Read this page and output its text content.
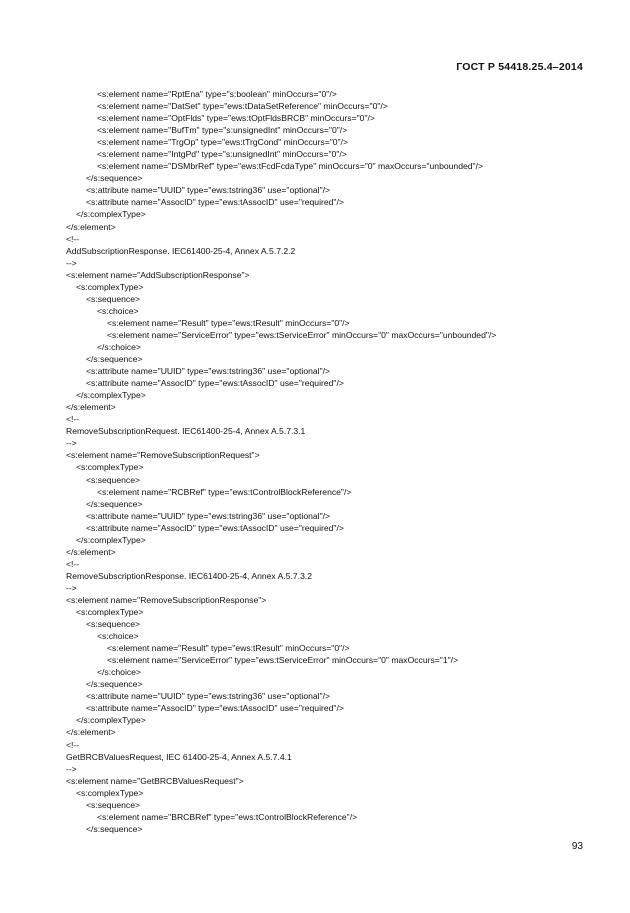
ГОСТ Р 54418.25.4–2014
<s:element name="RptEna" type="s:boolean" minOccurs="0"/>
<s:element name="DatSet" type="ews:tDataSetReference" minOccurs="0"/>
<s:element name="OptFlds" type="ews:tOptFldsBRCB" minOccurs="0"/>
<s:element name="BufTm" type="s:unsignedInt" minOccurs="0"/>
<s:element name="TrgOp" type="ews:tTrgCond" minOccurs="0"/>
<s:element name="IntgPd" type="s:unsignedInt" minOccurs="0"/>
<s:element name="DSMbrRef" type="ews:tFcdFcdaType" minOccurs="0" maxOccurs="unbounded"/>
</s:sequence>
<s:attribute name="UUID" type="ews:tstring36" use="optional"/>
<s:attribute name="AssocID" type="ews:tAssocID" use="required"/>
</s:complexType>
</s:element>
<!--
AddSubscriptionResponse. IEC61400-25-4, Annex A.5.7.2.2
-->
<s:element name="AddSubscriptionResponse">
<s:complexType>
<s:sequence>
<s:choice>
<s:element name="Result" type="ews:tResult" minOccurs="0"/>
<s:element name="ServiceError" type="ews:tServiceError" minOccurs="0" maxOccurs="unbounded"/>
</s:choice>
</s:sequence>
<s:attribute name="UUID" type="ews:tstring36" use="optional"/>
<s:attribute name="AssocID" type="ews:tAssocID" use="required"/>
</s:complexType>
</s:element>
<!--
RemoveSubscriptionRequest. IEC61400-25-4, Annex A.5.7.3.1
-->
<s:element name="RemoveSubscriptionRequest">
<s:complexType>
<s:sequence>
<s:element name="RCBRef" type="ews:tControlBlockReference"/>
</s:sequence>
<s:attribute name="UUID" type="ews:tstring36" use="optional"/>
<s:attribute name="AssocID" type="ews:tAssocID" use="required"/>
</s:complexType>
</s:element>
<!--
RemoveSubscriptionResponse. IEC61400-25-4, Annex A.5.7.3.2
-->
<s:element name="RemoveSubscriptionResponse">
<s:complexType>
<s:sequence>
<s:choice>
<s:element name="Result" type="ews:tResult" minOccurs="0"/>
<s:element name="ServiceError" type="ews:tServiceError" minOccurs="0" maxOccurs="1"/>
</s:choice>
</s:sequence>
<s:attribute name="UUID" type="ews:tstring36" use="optional"/>
<s:attribute name="AssocID" type="ews:tAssocID" use="required"/>
</s:complexType>
</s:element>
<!--
GetBRCBValuesRequest, IEC 61400-25-4, Annex A.5.7.4.1
-->
<s:element name="GetBRCBValuesRequest">
<s:complexType>
<s:sequence>
<s:element name="BRCBRef" type="ews:tControlBlockReference"/>
</s:sequence>
93
